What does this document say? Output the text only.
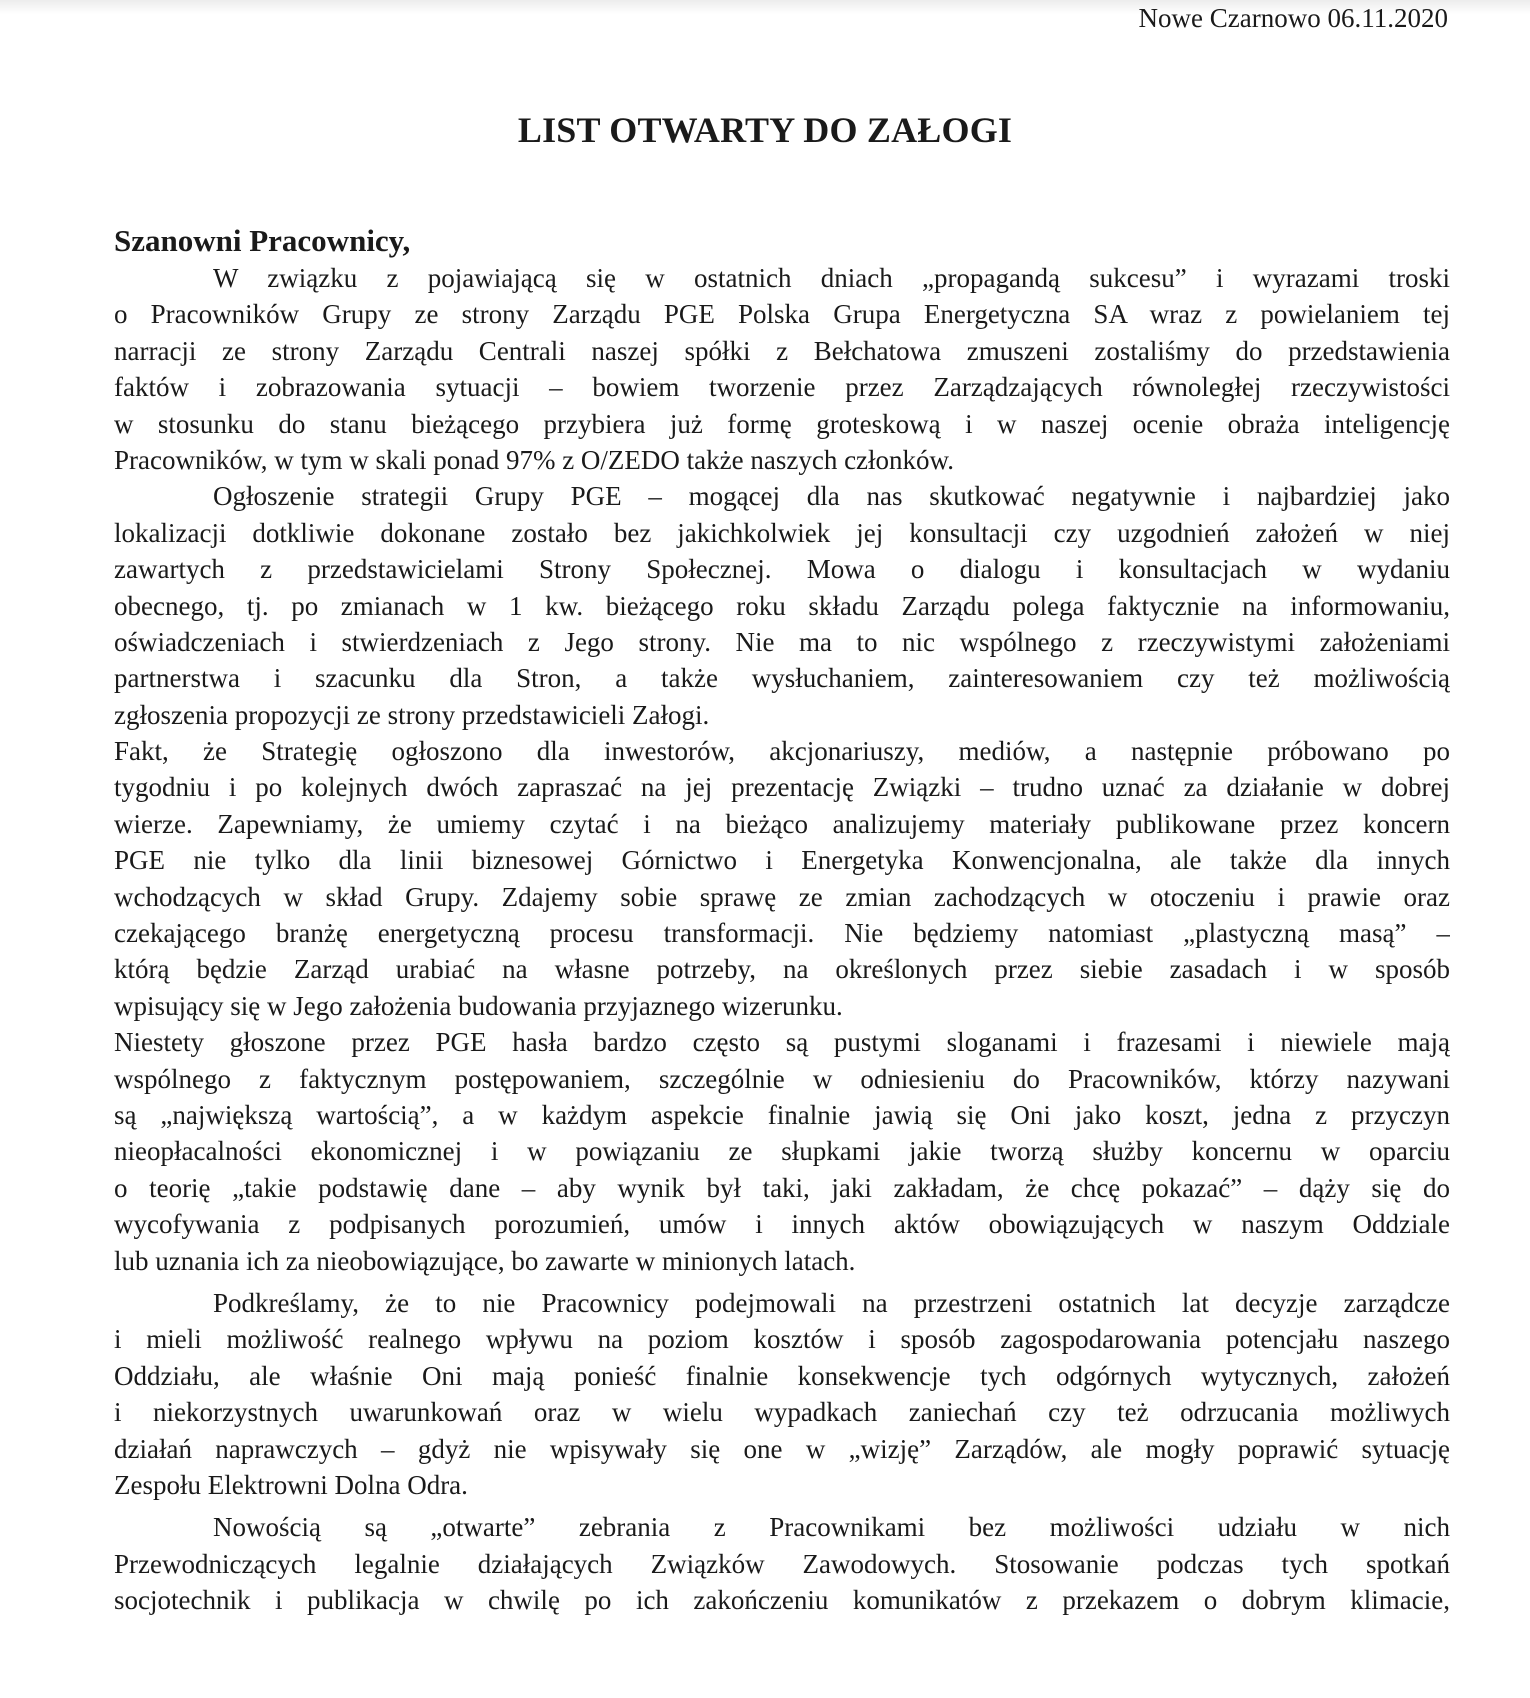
Nowe Czarnowo 06.11.2020
LIST OTWARTY DO ZAŁOGI
Szanowni Pracownicy,
W związku z pojawiającą się w ostatnich dniach „propagandą sukcesu” i wyrazami troski
o Pracowników Grupy ze strony Zarządu PGE Polska Grupa Energetyczna SA wraz z powielaniem tej
narracji ze strony Zarządu Centrali naszej spółki z Bełchatowa zmuszeni zostaliśmy do przedstawienia
faktów i zobrazowania sytuacji – bowiem tworzenie przez Zarządzających równoległej rzeczywistości
w stosunku do stanu bieżącego przybiera już formę groteskową i w naszej ocenie obraża inteligencję
Pracowników, w tym w skali ponad 97% z O/ZEDO także naszych członków.
Ogłoszenie strategii Grupy PGE – mogącej dla nas skutkować negatywnie i najbardziej jako
lokalizacji dotkliwie dokonane zostało bez jakichkolwiek jej konsultacji czy uzgodnień założeń w niej
zawartych z przedstawicielami Strony Społecznej. Mowa o dialogu i konsultacjach w wydaniu
obecnego, tj. po zmianach w 1 kw. bieżącego roku składu Zarządu polega faktycznie na informowaniu,
oświadczeniach i stwierdzeniach z Jego strony. Nie ma to nic wspólnego z rzeczywistymi założeniami
partnerstwa i szacunku dla Stron, a także wysłuchaniem, zainteresowaniem czy też możliwością
zgłoszenia propozycji ze strony przedstawicieli Załogi.
Fakt, że Strategię ogłoszono dla inwestorów, akcjonariuszy, mediów, a następnie próbowano po
tygodniu i po kolejnych dwóch zapraszać na jej prezentację Związki – trudno uznać za działanie w dobrej
wierze. Zapewniamy, że umiemy czytać i na bieżąco analizujemy materiały publikowane przez koncern
PGE nie tylko dla linii biznesowej Górnictwo i Energetyka Konwencjonalna, ale także dla innych
wchodzących w skład Grupy. Zdajemy sobie sprawę ze zmian zachodzących w otoczeniu i prawie oraz
czekającego branżę energetyczną procesu transformacji. Nie będziemy natomiast „plastyczną masą” –
którą będzie Zarząd urabiać na własne potrzeby, na określonych przez siebie zasadach i w sposób
wpisujący się w Jego założenia budowania przyjaznego wizerunku.
Niestety głoszone przez PGE hasła bardzo często są pustymi sloganami i frazesami i niewiele mają
wspólnego z faktycznym postępowaniem, szczególnie w odniesieniu do Pracowników, którzy nazywani
są „największą wartością”, a w każdym aspekcie finalnie jawią się Oni jako koszt, jedna z przyczyn
nieopłacalności ekonomicznej i w powiązaniu ze słupkami jakie tworzą służby koncernu w oparciu
o teorię „takie podstawię dane – aby wynik był taki, jaki zakładam, że chcę pokazać” – dąży się do
wycofywania z podpisanych porozumień, umów i innych aktów obowiązujących w naszym Oddziale
lub uznania ich za nieobowiązujące, bo zawarte w minionych latach.
Podkreślamy, że to nie Pracownicy podejmowali na przestrzeni ostatnich lat decyzje zarządcze
i mieli możliwość realnego wpływu na poziom kosztów i sposób zagospodarowania potencjału naszego
Oddziału, ale właśnie Oni mają ponieść finalnie konsekwencje tych odgórnych wytycznych, założeń
i niekorzystnych uwarunkowań oraz w wielu wypadkach zaniechań czy też odrzucania możliwych
działań naprawczych – gdyż nie wpisywały się one w „wizję” Zarządów, ale mogły poprawić sytuację
Zespołu Elektrowni Dolna Odra.
Nowością są „otwarte” zebrania z Pracownikami bez możliwości udziału w nich
Przewodniczących legalnie działających Związków Zawodowych. Stosowanie podczas tych spotkań
socjotechnik i publikacja w chwilę po ich zakończeniu komunikatów z przekazem o dobrym klimacie,
